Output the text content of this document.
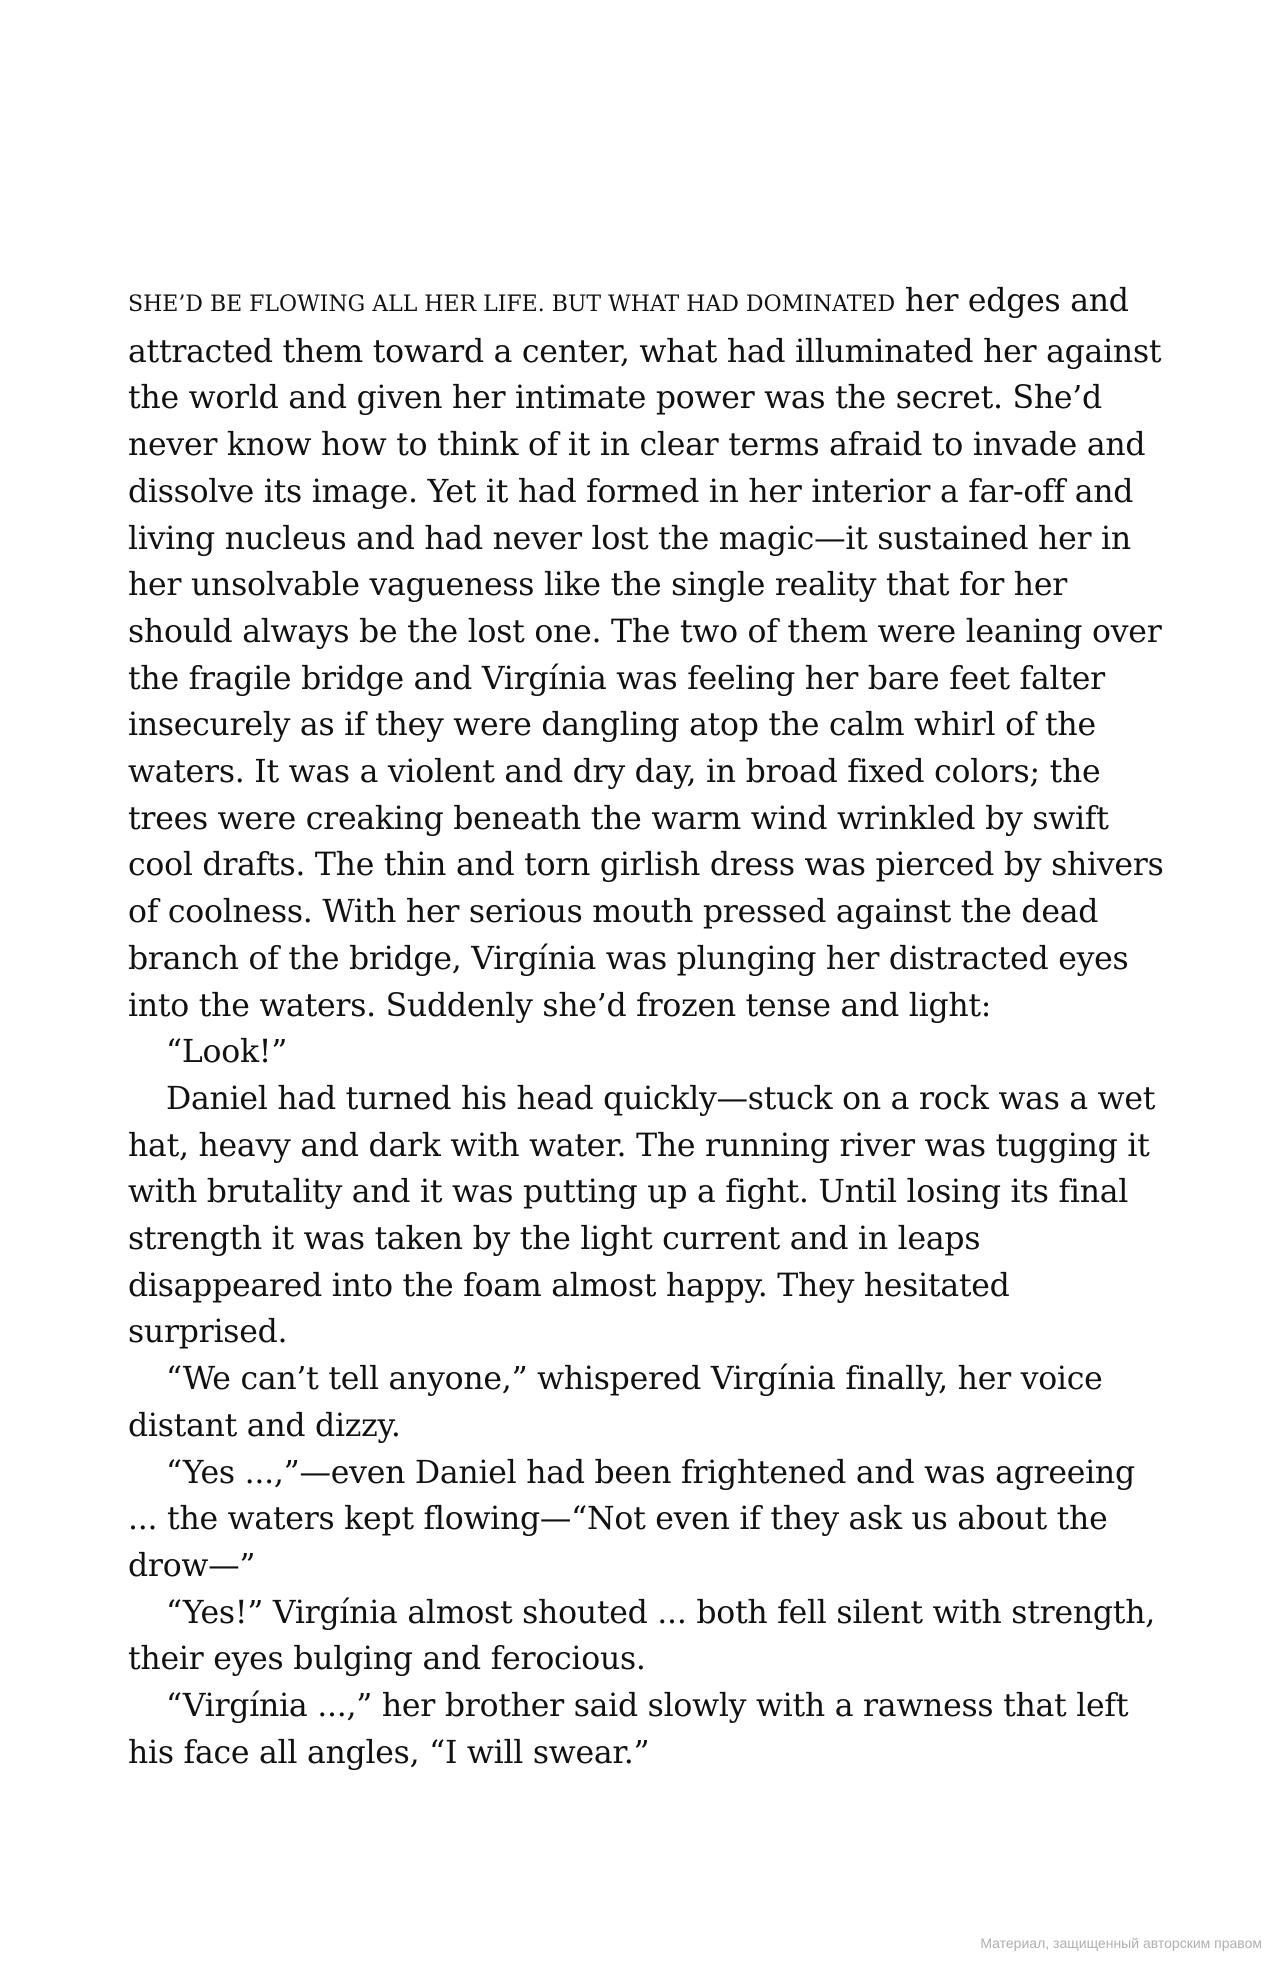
SHE’D BE FLOWING ALL HER LIFE. BUT WHAT HAD DOMINATED her edges and attracted them toward a center, what had illuminated her against the world and given her intimate power was the secret. She’d never know how to think of it in clear terms afraid to invade and dissolve its image. Yet it had formed in her interior a far-off and living nucleus and had never lost the magic—it sustained her in her unsolvable vagueness like the single reality that for her should always be the lost one. The two of them were leaning over the fragile bridge and Virgínia was feeling her bare feet falter insecurely as if they were dangling atop the calm whirl of the waters. It was a violent and dry day, in broad fixed colors; the trees were creaking beneath the warm wind wrinkled by swift cool drafts. The thin and torn girlish dress was pierced by shivers of coolness. With her serious mouth pressed against the dead branch of the bridge, Virgínia was plunging her distracted eyes into the waters. Suddenly she’d frozen tense and light:

“Look!”

Daniel had turned his head quickly—stuck on a rock was a wet hat, heavy and dark with water. The running river was tugging it with brutality and it was putting up a fight. Until losing its final strength it was taken by the light current and in leaps disappeared into the foam almost happy. They hesitated surprised.

“We can’t tell anyone,” whispered Virgínia finally, her voice distant and dizzy.

“Yes ...,”—even Daniel had been frightened and was agreeing ... the waters kept flowing—“Not even if they ask us about the drow—”

“Yes!” Virgínia almost shouted ... both fell silent with strength, their eyes bulging and ferocious.

“Virgínia ...,” her brother said slowly with a rawness that left his face all angles, “I will swear.”

Материал, защищенный авторским правом
